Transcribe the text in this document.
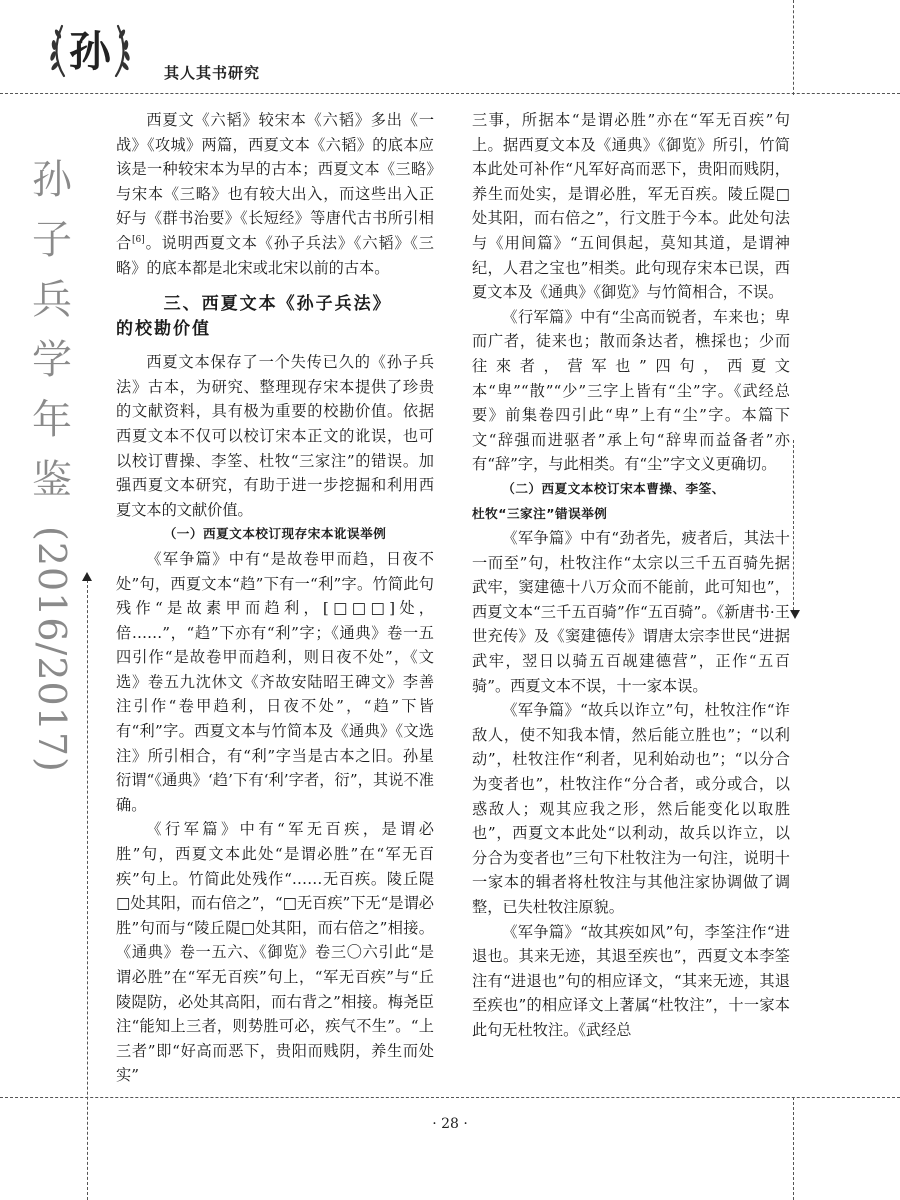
孙	其人其书研究
孙
子
兵
学
年
鉴
(2016/2017)

西夏文《六韬》较宋本《六韬》多出《一战》《攻城》两篇，西夏文本《六韬》的底本应该是一种较宋本为早的古本；西夏文本《三略》与宋本《三略》也有较大出入，而这些出入正好与《群书治要》《长短经》等唐代古书所引相合[6]。说明西夏文本《孙子兵法》《六韬》《三略》的底本都是北宋或北宋以前的古本。

三、西夏文本《孙子兵法》
的校勘价值

西夏文本保存了一个失传已久的《孙子兵法》古本，为研究、整理现存宋本提供了珍贵的文献资料，具有极为重要的校勘价值。依据西夏文本不仅可以校订宋本正文的讹误，也可以校订曹操、李筌、杜牧“三家注”的错误。加强西夏文本研究，有助于进一步挖掘和利用西夏文本的文献价值。

（一）西夏文本校订现存宋本讹误举例

《军争篇》中有“是故卷甲而趋，日夜不处”句，西夏文本“趋”下有一“利”字。竹简此句残作“是故素甲而趋利，[□□□]处，倍……”，“趋”下亦有“利”字；《通典》卷一五四引作“是故卷甲而趋利，则日夜不处”，《文选》卷五九沈休文《齐故安陆昭王碑文》李善注引作“卷甲趋利，日夜不处”，“趋”下皆有“利”字。西夏文本与竹简本及《通典》《文选注》所引相合，有“利”字当是古本之旧。孙星衍谓“《通典》‘趋’下有‘利’字者，衍”，其说不准确。

《行军篇》中有“军无百疾，是谓必胜”句，西夏文本此处“是谓必胜”在“军无百疾”句上。竹简此处残作“……无百疾。陵丘隄□处其阳，而右倍之”，“□无百疾”下无“是谓必胜”句而与“陵丘隄□处其阳，而右倍之”相接。《通典》卷一五六、《御览》卷三〇六引此“是谓必胜”在“军无百疾”句上，“军无百疾”与“丘陵隄防，必处其高阳，而右背之”相接。梅尧臣注“能知上三者，则势胜可必，疾气不生”。“上三者”即“好高而恶下，贵阳而贱阴，养生而处实”

三事，所据本“是谓必胜”亦在“军无百疾”句上。据西夏文本及《通典》《御览》所引，竹简本此处可补作“凡军好高而恶下，贵阳而贱阴，养生而处实，是谓必胜，军无百疾。陵丘隄□处其阳，而右倍之”，行文胜于今本。此处句法与《用间篇》“五间俱起，莫知其道，是谓神纪，人君之宝也”相类。此句现存宋本已误，西夏文本及《通典》《御览》与竹简相合，不误。

《行军篇》中有“尘高而锐者，车来也；卑而广者，徒来也；散而条达者，樵採也；少而往來者，营军也”四句，西夏文本“卑”“散”“少”三字上皆有“尘”字。《武经总要》前集卷四引此“卑”上有“尘”字。本篇下文“辞强而进驱者”承上句“辞卑而益备者”亦有“辞”字，与此相类。有“尘”字文义更确切。

（二）西夏文本校订宋本曹操、李筌、

杜牧“三家注”错误举例

《军争篇》中有“劲者先，疲者后，其法十一而至”句，杜牧注作“太宗以三千五百骑先据武牢，窦建德十八万众而不能前，此可知也”，西夏文本“三千五百骑”作“五百骑”。《新唐书·王世充传》及《窦建德传》谓唐太宗李世民“进据武牢，翌日以骑五百觇建德营”，正作“五百骑”。西夏文本不误，十一家本误。

《军争篇》“故兵以诈立”句，杜牧注作“诈敌人，使不知我本情，然后能立胜也”；“以利动”，杜牧注作“利者，见利始动也”；“以分合为变者也”，杜牧注作“分合者，或分或合，以惑敌人；观其应我之形，然后能变化以取胜也”，西夏文本此处“以利动，故兵以诈立，以分合为变者也”三句下杜牧注为一句注，说明十一家本的辑者将杜牧注与其他注家协调做了调整，已失杜牧注原貌。

《军争篇》“故其疾如风”句，李筌注作“进退也。其来无迹，其退至疾也”，西夏文本李筌注有“进退也”句的相应译文，“其来无迹，其退至疾也”的相应译文上著属“杜牧注”，十一家本此句无杜牧注。《武经总

· 28 ·
